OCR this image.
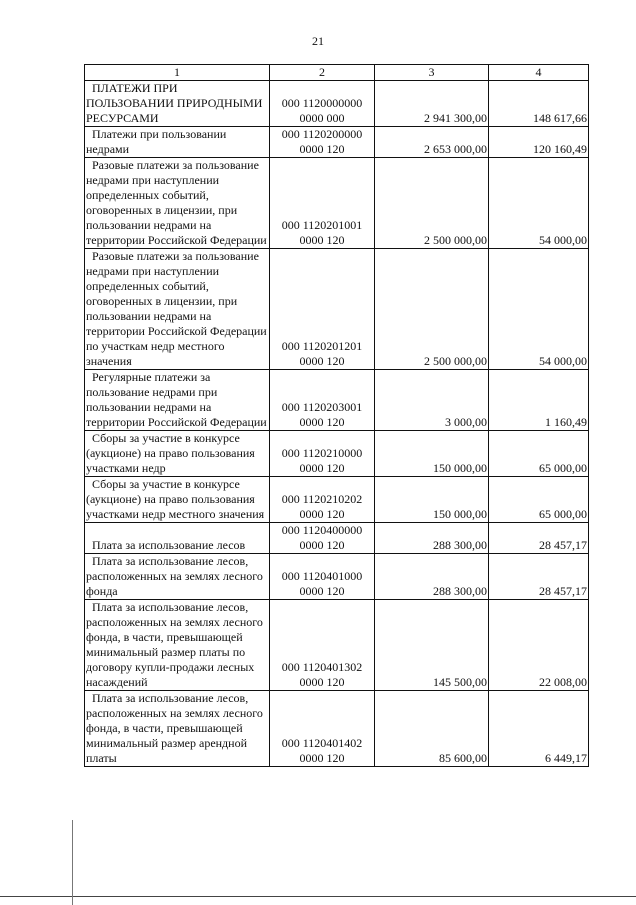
21
1	2	3	4
ПЛАТЕЖИ ПРИ ПОЛЬЗОВАНИИ ПРИРОДНЫМИ РЕСУРСАМИ	000 1120000000 0000 000	2 941 300,00	148 617,66
Платежи при пользовании недрами	000 1120200000 0000 120	2 653 000,00	120 160,49
Разовые платежи за пользование недрами при наступлении определенных событий, оговоренных в лицензии, при пользовании недрами на территории Российской Федерации	000 1120201001 0000 120	2 500 000,00	54 000,00
Разовые платежи за пользование недрами при наступлении определенных событий, оговоренных в лицензии, при пользовании недрами на территории Российской Федерации по участкам недр местного значения	000 1120201201 0000 120	2 500 000,00	54 000,00
Регулярные платежи за пользование недрами при пользовании недрами на территории Российской Федерации	000 1120203001 0000 120	3 000,00	1 160,49
Сборы за участие в конкурсе (аукционе) на право пользования участками недр	000 1120210000 0000 120	150 000,00	65 000,00
Сборы за участие в конкурсе (аукционе) на право пользования участками недр местного значения	000 1120210202 0000 120	150 000,00	65 000,00
Плата за использование лесов	000 1120400000 0000 120	288 300,00	28 457,17
Плата за использование лесов, расположенных на землях лесного фонда	000 1120401000 0000 120	288 300,00	28 457,17
Плата за использование лесов, расположенных на землях лесного фонда, в части, превышающей минимальный размер платы по договору купли-продажи лесных насаждений	000 1120401302 0000 120	145 500,00	22 008,00
Плата за использование лесов, расположенных на землях лесного фонда, в части, превышающей минимальный размер арендной платы	000 1120401402 0000 120	85 600,00	6 449,17
